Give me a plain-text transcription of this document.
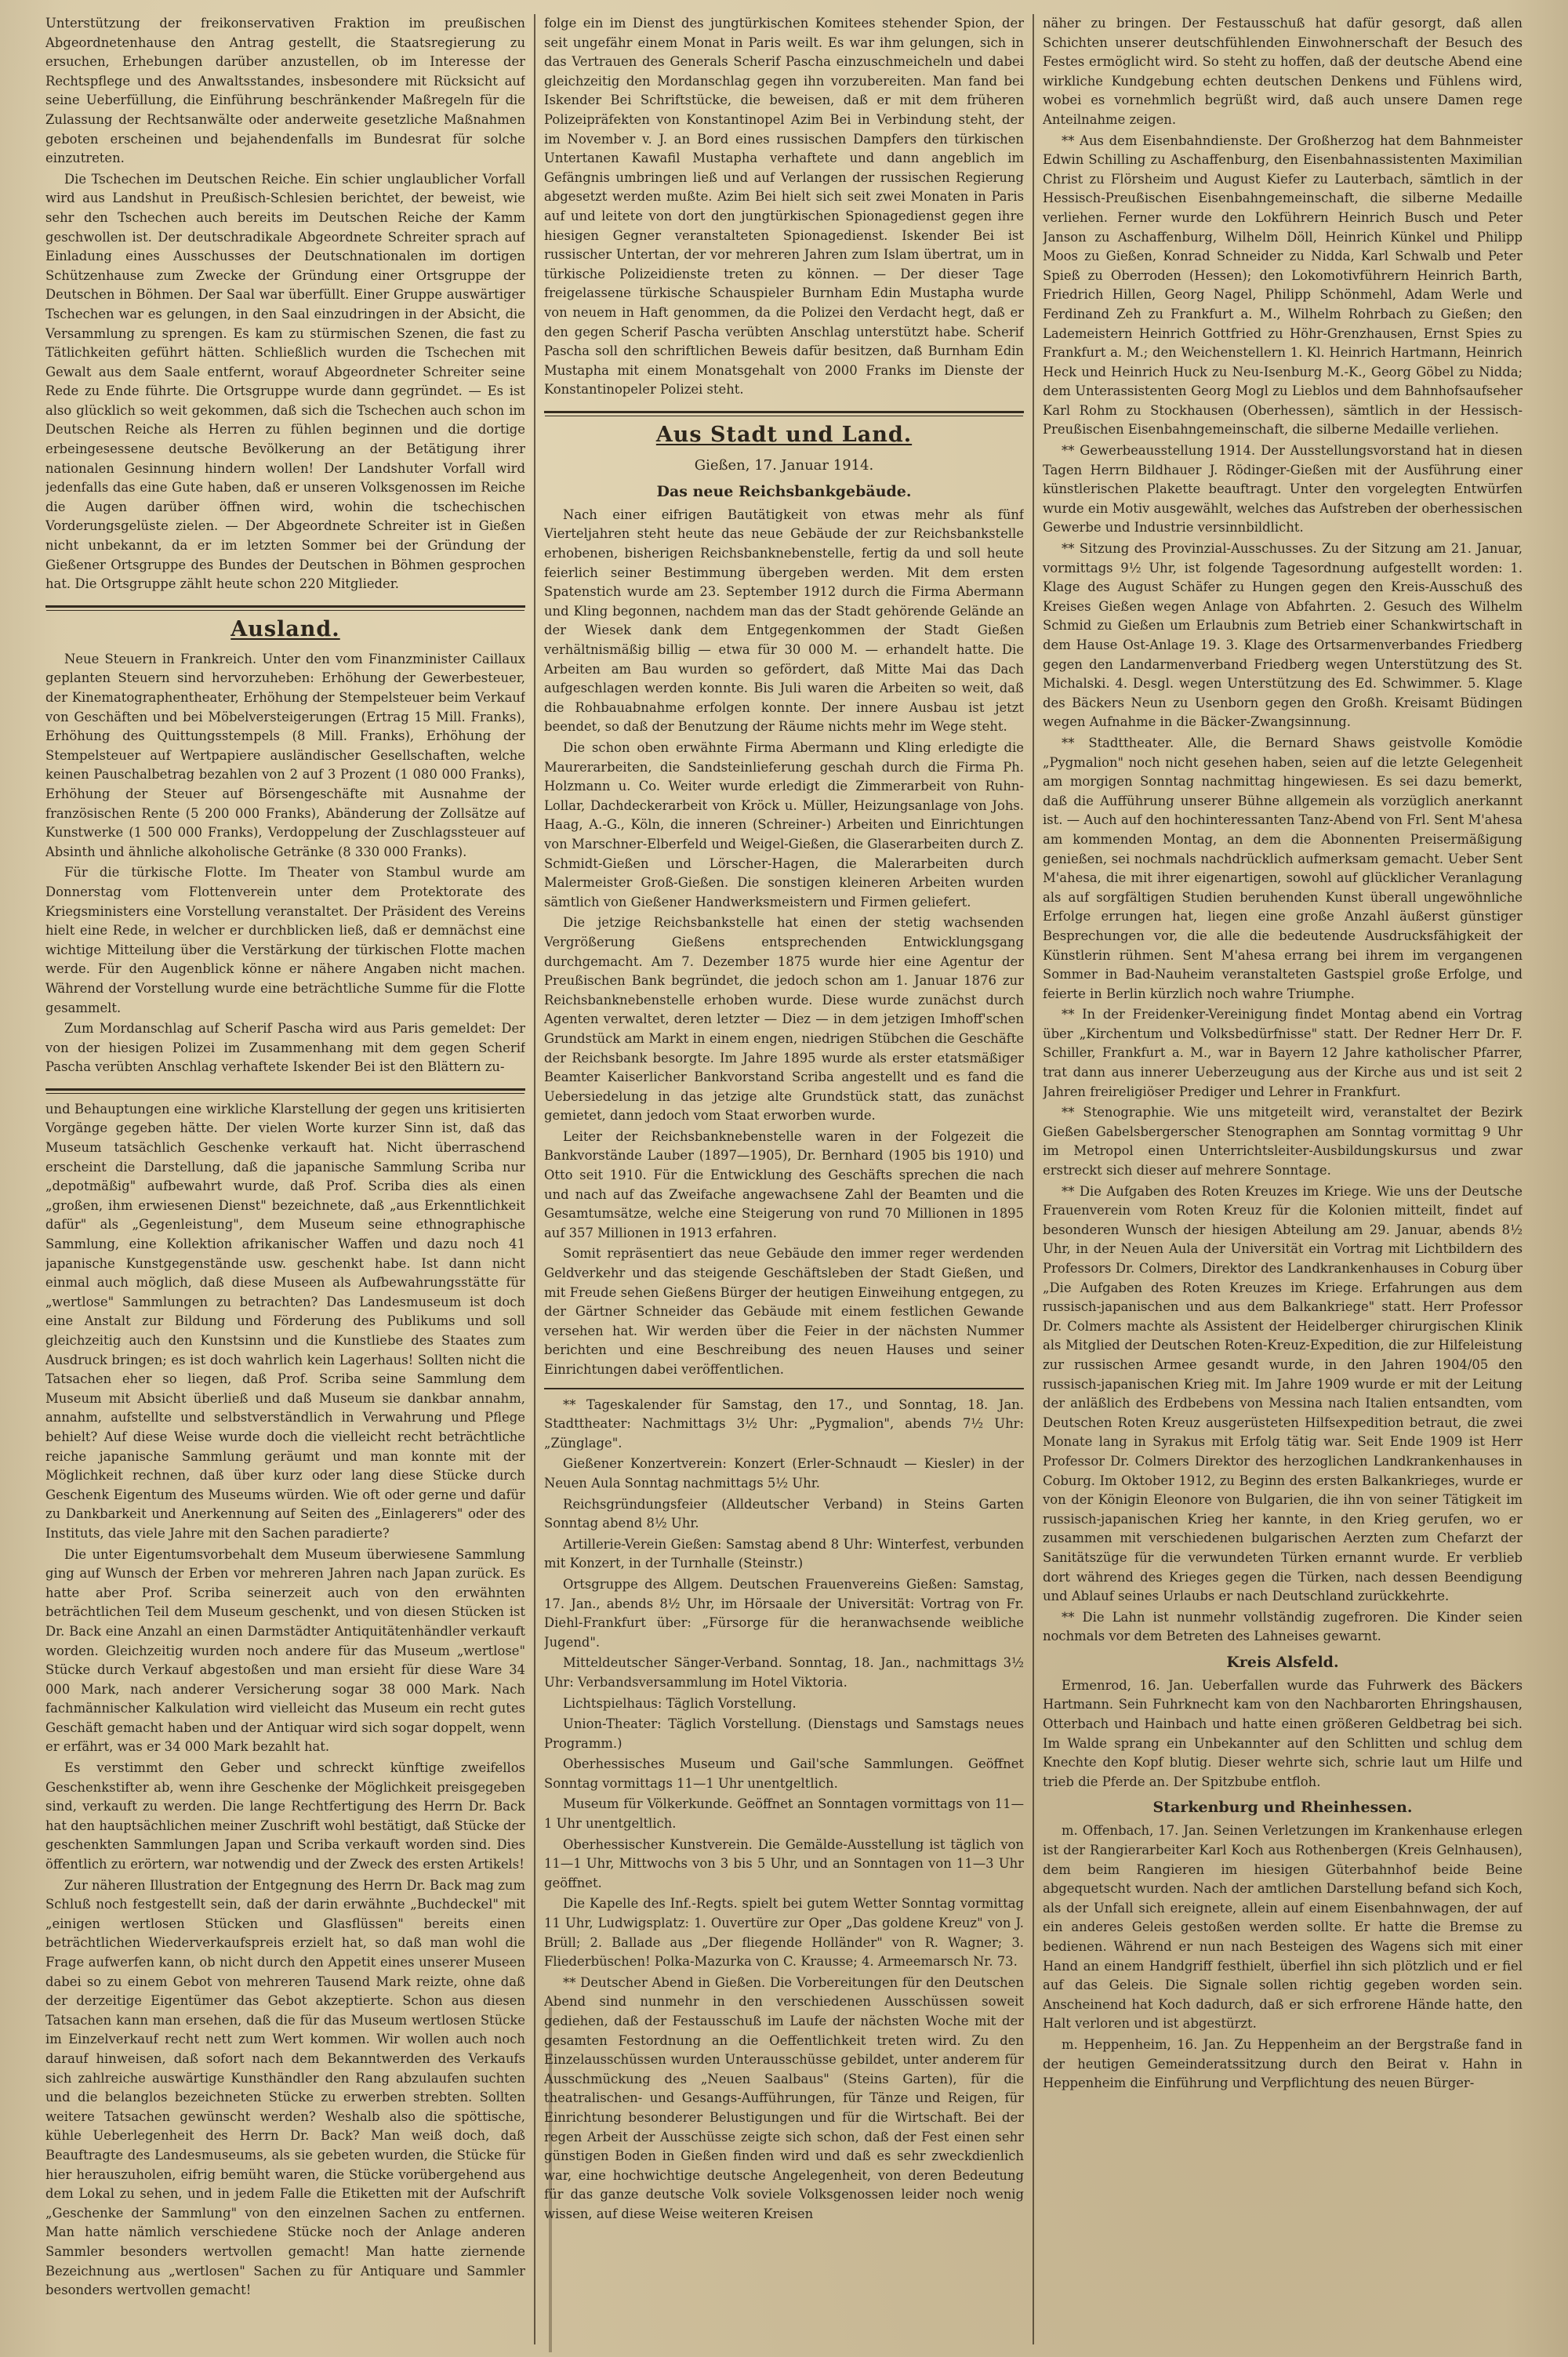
Unterstützung der freikonservativen Fraktion im preußischen Abgeordnetenhause den Antrag gestellt, die Staatsregierung zu ersuchen, Erhebungen darüber anzustellen, ob im Interesse der Rechtspflege und des Anwaltsstandes, insbesondere mit Rücksicht auf seine Ueberfüllung, die Einführung beschränkender Maßregeln für die Zulassung der Rechtsanwälte oder anderweite gesetzliche Maßnahmen geboten erscheinen und bejahendenfalls im Bundesrat für solche einzutreten.

Die Tschechen im Deutschen Reiche. Ein schier unglaublicher Vorfall wird aus Landshut in Preußisch-Schlesien berichtet, der beweist, wie sehr den Tschechen auch bereits im Deutschen Reiche der Kamm geschwollen ist. Der deutschradikale Abgeordnete Schreiter sprach auf Einladung eines Ausschusses der Deutschnationalen im dortigen Schützenhause zum Zwecke der Gründung einer Ortsgruppe der Deutschen in Böhmen. Der Saal war überfüllt. Einer Gruppe auswärtiger Tschechen war es gelungen, in den Saal einzudringen in der Absicht, die Versammlung zu sprengen. Es kam zu stürmischen Szenen, die fast zu Tätlichkeiten geführt hätten. Schließlich wurden die Tschechen mit Gewalt aus dem Saale entfernt, worauf Abgeordneter Schreiter seine Rede zu Ende führte. Die Ortsgruppe wurde dann gegründet. — Es ist also glücklich so weit gekommen, daß sich die Tschechen auch schon im Deutschen Reiche als Herren zu fühlen beginnen und die dortige erbeingesessene deutsche Bevölkerung an der Betätigung ihrer nationalen Gesinnung hindern wollen! Der Landshuter Vorfall wird jedenfalls das eine Gute haben, daß er unseren Volksgenossen im Reiche die Augen darüber öffnen wird, wohin die tschechischen Vorderungsgelüste zielen. — Der Abgeordnete Schreiter ist in Gießen nicht unbekannt, da er im letzten Sommer bei der Gründung der Gießener Ortsgruppe des Bundes der Deutschen in Böhmen gesprochen hat. Die Ortsgruppe zählt heute schon 220 Mitglieder.

Ausland.

Neue Steuern in Frankreich. Unter den vom Finanzminister Caillaux geplanten Steuern sind hervorzuheben: Erhöhung der Gewerbesteuer, der Kinematographentheater, Erhöhung der Stempelsteuer beim Verkauf von Geschäften und bei Möbelversteigerungen (Ertrag 15 Mill. Franks), Erhöhung des Quittungsstempels (8 Mill. Franks), Erhöhung der Stempelsteuer auf Wertpapiere ausländischer Gesellschaften, welche keinen Pauschalbetrag bezahlen von 2 auf 3 Prozent (1 080 000 Franks), Erhöhung der Steuer auf Börsengeschäfte mit Ausnahme der französischen Rente (5 200 000 Franks), Abänderung der Zollsätze auf Kunstwerke (1 500 000 Franks), Verdoppelung der Zuschlagssteuer auf Absinth und ähnliche alkoholische Getränke (8 330 000 Franks).

Für die türkische Flotte. Im Theater von Stambul wurde am Donnerstag vom Flottenverein unter dem Protektorate des Kriegsministers eine Vorstellung veranstaltet. Der Präsident des Vereins hielt eine Rede, in welcher er durchblicken ließ, daß er demnächst eine wichtige Mitteilung über die Verstärkung der türkischen Flotte machen werde. Für den Augenblick könne er nähere Angaben nicht machen. Während der Vorstellung wurde eine beträchtliche Summe für die Flotte gesammelt.

Zum Mordanschlag auf Scherif Pascha wird aus Paris gemeldet: Der von der hiesigen Polizei im Zusammenhang mit dem gegen Scherif Pascha verübten Anschlag verhaftete Iskender Bei ist den Blättern zu-

und Behauptungen eine wirkliche Klarstellung der gegen uns kritisierten Vorgänge gegeben hätte. Der vielen Worte kurzer Sinn ist, daß das Museum tatsächlich Geschenke verkauft hat. Nicht überraschend erscheint die Darstellung, daß die japanische Sammlung Scriba nur „depotmäßig" aufbewahrt wurde, daß Prof. Scriba dies als einen „großen, ihm erwiesenen Dienst" bezeichnete, daß „aus Erkenntlichkeit dafür" als „Gegenleistung", dem Museum seine ethnographische Sammlung, eine Kollektion afrikanischer Waffen und dazu noch 41 japanische Kunstgegenstände usw. geschenkt habe. Ist dann nicht einmal auch möglich, daß diese Museen als Aufbewahrungsstätte für „wertlose" Sammlungen zu betrachten? Das Landesmuseum ist doch eine Anstalt zur Bildung und Förderung des Publikums und soll gleichzeitig auch den Kunstsinn und die Kunstliebe des Staates zum Ausdruck bringen; es ist doch wahrlich kein Lagerhaus! Sollten nicht die Tatsachen eher so liegen, daß Prof. Scriba seine Sammlung dem Museum mit Absicht überließ und daß Museum sie dankbar annahm, annahm, aufstellte und selbstverständlich in Verwahrung und Pflege behielt? Auf diese Weise wurde doch die vielleicht recht beträchtliche reiche japanische Sammlung geräumt und man konnte mit der Möglichkeit rechnen, daß über kurz oder lang diese Stücke durch Geschenk Eigentum des Museums würden. Wie oft oder gerne und dafür zu Dankbarkeit und Anerkennung auf Seiten des „Einlagerers" oder des Instituts, das viele Jahre mit den Sachen paradierte?

Die unter Eigentumsvorbehalt dem Museum überwiesene Sammlung ging auf Wunsch der Erben vor mehreren Jahren nach Japan zurück. Es hatte aber Prof. Scriba seinerzeit auch von den erwähnten beträchtlichen Teil dem Museum geschenkt, und von diesen Stücken ist Dr. Back eine Anzahl an einen Darmstädter Antiquitätenhändler verkauft worden. Gleichzeitig wurden noch andere für das Museum „wertlose" Stücke durch Verkauf abgestoßen und man ersieht für diese Ware 34 000 Mark, nach anderer Versicherung sogar 38 000 Mark. Nach fachmännischer Kalkulation wird vielleicht das Museum ein recht gutes Geschäft gemacht haben und der Antiquar wird sich sogar doppelt, wenn er erfährt, was er 34 000 Mark bezahlt hat.

Es verstimmt den Geber und schreckt künftige zweifellos Geschenkstifter ab, wenn ihre Geschenke der Möglichkeit preisgegeben sind, verkauft zu werden. Die lange Rechtfertigung des Herrn Dr. Back hat den hauptsächlichen meiner Zuschrift wohl bestätigt, daß Stücke der geschenkten Sammlungen Japan und Scriba verkauft worden sind. Dies öffentlich zu erörtern, war notwendig und der Zweck des ersten Artikels!

Zur näheren Illustration der Entgegnung des Herrn Dr. Back mag zum Schluß noch festgestellt sein, daß der darin erwähnte „Buchdeckel" mit „einigen wertlosen Stücken und Glasflüssen" bereits einen beträchtlichen Wiederverkaufspreis erzielt hat, so daß man wohl die Frage aufwerfen kann, ob nicht durch den Appetit eines unserer Museen dabei so zu einem Gebot von mehreren Tausend Mark reizte, ohne daß der derzeitige Eigentümer das Gebot akzeptierte. Schon aus diesen Tatsachen kann man ersehen, daß die für das Museum wertlosen Stücke im Einzelverkauf recht nett zum Wert kommen. Wir wollen auch noch darauf hinweisen, daß sofort nach dem Bekanntwerden des Verkaufs sich zahlreiche auswärtige Kunsthändler den Rang abzulaufen suchten und die belanglos bezeichneten Stücke zu erwerben strebten. Sollten weitere Tatsachen gewünscht werden? Weshalb also die spöttische, kühle Ueberlegenheit des Herrn Dr. Back? Man weiß doch, daß Beauftragte des Landesmuseums, als sie gebeten wurden, die Stücke für hier herauszuholen, eifrig bemüht waren, die Stücke vorübergehend aus dem Lokal zu sehen, und in jedem Falle die Etiketten mit der Aufschrift „Geschenke der Sammlung" von den einzelnen Sachen zu entfernen. Man hatte nämlich verschiedene Stücke noch der Anlage anderen Sammler besonders wertvollen gemacht! Man hatte ziernende Bezeichnung aus „wertlosen" Sachen zu für Antiquare und Sammler besonders wertvollen gemacht!

folge ein im Dienst des jungtürkischen Komitees stehender Spion, der seit ungefähr einem Monat in Paris weilt. Es war ihm gelungen, sich in das Vertrauen des Generals Scherif Pascha einzuschmeicheln und dabei gleichzeitig den Mordanschlag gegen ihn vorzubereiten. Man fand bei Iskender Bei Schriftstücke, die beweisen, daß er mit dem früheren Polizeipräfekten von Konstantinopel Azim Bei in Verbindung steht, der im November v. J. an Bord eines russischen Dampfers den türkischen Untertanen Kawafil Mustapha verhaftete und dann angeblich im Gefängnis umbringen ließ und auf Verlangen der russischen Regierung abgesetzt werden mußte. Azim Bei hielt sich seit zwei Monaten in Paris auf und leitete von dort den jungtürkischen Spionagedienst gegen ihre hiesigen Gegner veranstalteten Spionagedienst. Iskender Bei ist russischer Untertan, der vor mehreren Jahren zum Islam übertrat, um in türkische Polizeidienste treten zu können. — Der dieser Tage freigelassene türkische Schauspieler Burnham Edin Mustapha wurde von neuem in Haft genommen, da die Polizei den Verdacht hegt, daß er den gegen Scherif Pascha verübten Anschlag unterstützt habe. Scherif Pascha soll den schriftlichen Beweis dafür besitzen, daß Burnham Edin Mustapha mit einem Monatsgehalt von 2000 Franks im Dienste der Konstantinopeler Polizei steht.

Aus Stadt und Land.
Gießen, 17. Januar 1914.
Das neue Reichsbankgebäude.

Nach einer eifrigen Bautätigkeit von etwas mehr als fünf Vierteljahren steht heute das neue Gebäude der zur Reichsbankstelle erhobenen, bisherigen Reichsbanknebenstelle, fertig da und soll heute feierlich seiner Bestimmung übergeben werden. Mit dem ersten Spatenstich wurde am 23. September 1912 durch die Firma Abermann und Kling begonnen, nachdem man das der Stadt gehörende Gelände an der Wiesek dank dem Entgegenkommen der Stadt Gießen verhältnismäßig billig — etwa für 30 000 M. — erhandelt hatte. Die Arbeiten am Bau wurden so gefördert, daß Mitte Mai das Dach aufgeschlagen werden konnte. Bis Juli waren die Arbeiten so weit, daß die Rohbauabnahme erfolgen konnte. Der innere Ausbau ist jetzt beendet, so daß der Benutzung der Räume nichts mehr im Wege steht.

Die schon oben erwähnte Firma Abermann und Kling erledigte die Maurerarbeiten, die Sandsteinlieferung geschah durch die Firma Ph. Holzmann u. Co. Weiter wurde erledigt die Zimmerarbeit von Ruhn-Lollar, Dachdeckerarbeit von Kröck u. Müller, Heizungsanlage von Johs. Haag, A.-G., Köln, die inneren (Schreiner-) Arbeiten und Einrichtungen von Marschner-Elberfeld und Weigel-Gießen, die Glaserarbeiten durch Z. Schmidt-Gießen und Lörscher-Hagen, die Malerarbeiten durch Malermeister Groß-Gießen. Die sonstigen kleineren Arbeiten wurden sämtlich von Gießener Handwerksmeistern und Firmen geliefert.

Die jetzige Reichsbankstelle hat einen der stetig wachsenden Vergrößerung Gießens entsprechenden Entwicklungsgang durchgemacht. Am 7. Dezember 1875 wurde hier eine Agentur der Preußischen Bank begründet, die jedoch schon am 1. Januar 1876 zur Reichsbanknebenstelle erhoben wurde. Diese wurde zunächst durch Agenten verwaltet, deren letzter — Diez — in dem jetzigen Imhoff'schen Grundstück am Markt in einem engen, niedrigen Stübchen die Geschäfte der Reichsbank besorgte. Im Jahre 1895 wurde als erster etatsmäßiger Beamter Kaiserlicher Bankvorstand Scriba angestellt und es fand die Uebersiedelung in das jetzige alte Grundstück statt, das zunächst gemietet, dann jedoch vom Staat erworben wurde.

Leiter der Reichsbanknebenstelle waren in der Folgezeit die Bankvorstände Lauber (1897—1905), Dr. Bernhard (1905 bis 1910) und Otto seit 1910. Für die Entwicklung des Geschäfts sprechen die nach und nach auf das Zweifache angewachsene Zahl der Beamten und die Gesamtumsätze, welche eine Steigerung von rund 70 Millionen in 1895 auf 357 Millionen in 1913 erfahren.

Somit repräsentiert das neue Gebäude den immer reger werdenden Geldverkehr und das steigende Geschäftsleben der Stadt Gießen, und mit Freude sehen Gießens Bürger der heutigen Einweihung entgegen, zu der Gärtner Schneider das Gebäude mit einem festlichen Gewande versehen hat. Wir werden über die Feier in der nächsten Nummer berichten und eine Beschreibung des neuen Hauses und seiner Einrichtungen dabei veröffentlichen.

** Tageskalender für Samstag, den 17., und Sonntag, 18. Jan. Stadttheater: Nachmittags 3½ Uhr: „Pygmalion", abends 7½ Uhr: „Zünglage".

Gießener Konzertverein: Konzert (Erler-Schnaudt — Kiesler) in der Neuen Aula Sonntag nachmittags 5½ Uhr.

Reichsgründungsfeier (Alldeutscher Verband) in Steins Garten Sonntag abend 8½ Uhr.

Artillerie-Verein Gießen: Samstag abend 8 Uhr: Winterfest, verbunden mit Konzert, in der Turnhalle (Steinstr.)

Ortsgruppe des Allgem. Deutschen Frauenvereins Gießen: Samstag, 17. Jan., abends 8½ Uhr, im Hörsaale der Universität: Vortrag von Fr. Diehl-Frankfurt über: „Fürsorge für die heranwachsende weibliche Jugend".

Mitteldeutscher Sänger-Verband. Sonntag, 18. Jan., nachmittags 3½ Uhr: Verbandsversammlung im Hotel Viktoria.

Lichtspielhaus: Täglich Vorstellung.

Union-Theater: Täglich Vorstellung. (Dienstags und Samstags neues Programm.)

Oberhessisches Museum und Gail'sche Sammlungen. Geöffnet Sonntag vormittags 11—1 Uhr unentgeltlich.

Museum für Völkerkunde. Geöffnet an Sonntagen vormittags von 11—1 Uhr unentgeltlich.

Oberhessischer Kunstverein. Die Gemälde-Ausstellung ist täglich von 11—1 Uhr, Mittwochs von 3 bis 5 Uhr, und an Sonntagen von 11—3 Uhr geöffnet.

Die Kapelle des Inf.-Regts. spielt bei gutem Wetter Sonntag vormittag 11 Uhr, Ludwigsplatz: 1. Ouvertüre zur Oper „Das goldene Kreuz" von J. Brüll; 2. Ballade aus „Der fliegende Holländer" von R. Wagner; 3. Fliederbüschen! Polka-Mazurka von C. Krausse; 4. Armeemarsch Nr. 73.

** Deutscher Abend in Gießen. Die Vorbereitungen für den Deutschen Abend sind nunmehr in den verschiedenen Ausschüssen soweit gediehen, daß der Festausschuß im Laufe der nächsten Woche mit der gesamten Festordnung an die Oeffentlichkeit treten wird. Zu den Einzelausschüssen wurden Unterausschüsse gebildet, unter anderem für Ausschmückung des „Neuen Saalbaus" (Steins Garten), für die theatralischen- und Gesangs-Aufführungen, für Tänze und Reigen, für Einrichtung besonderer Belustigungen und für die Wirtschaft. Bei der regen Arbeit der Ausschüsse zeigte sich schon, daß der Fest einen sehr günstigen Boden in Gießen finden wird und daß es sehr zweckdienlich war, eine hochwichtige deutsche Angelegenheit, von deren Bedeutung für das ganze deutsche Volk soviele Volksgenossen leider noch wenig wissen, auf diese Weise weiteren Kreisen

näher zu bringen. Der Festausschuß hat dafür gesorgt, daß allen Schichten unserer deutschfühlenden Einwohnerschaft der Besuch des Festes ermöglicht wird. So steht zu hoffen, daß der deutsche Abend eine wirkliche Kundgebung echten deutschen Denkens und Fühlens wird, wobei es vornehmlich begrüßt wird, daß auch unsere Damen rege Anteilnahme zeigen.

** Aus dem Eisenbahndienste. Der Großherzog hat dem Bahnmeister Edwin Schilling zu Aschaffenburg, den Eisenbahnassistenten Maximilian Christ zu Flörsheim und August Kiefer zu Lauterbach, sämtlich in der Hessisch-Preußischen Eisenbahngemeinschaft, die silberne Medaille verliehen. Ferner wurde den Lokführern Heinrich Busch und Peter Janson zu Aschaffenburg, Wilhelm Döll, Heinrich Künkel und Philipp Moos zu Gießen, Konrad Schneider zu Nidda, Karl Schwalb und Peter Spieß zu Oberroden (Hessen); den Lokomotivführern Heinrich Barth, Friedrich Hillen, Georg Nagel, Philipp Schönmehl, Adam Werle und Ferdinand Zeh zu Frankfurt a. M., Wilhelm Rohrbach zu Gießen; den Lademeistern Heinrich Gottfried zu Höhr-Grenzhausen, Ernst Spies zu Frankfurt a. M.; den Weichenstellern 1. Kl. Heinrich Hartmann, Heinrich Heck und Heinrich Huck zu Neu-Isenburg M.-K., Georg Göbel zu Nidda; dem Unterassistenten Georg Mogl zu Lieblos und dem Bahnhofsaufseher Karl Rohm zu Stockhausen (Oberhessen), sämtlich in der Hessisch-Preußischen Eisenbahngemeinschaft, die silberne Medaille verliehen.

** Gewerbeausstellung 1914. Der Ausstellungsvorstand hat in diesen Tagen Herrn Bildhauer J. Rödinger-Gießen mit der Ausführung einer künstlerischen Plakette beauftragt. Unter den vorgelegten Entwürfen wurde ein Motiv ausgewählt, welches das Aufstreben der oberhessischen Gewerbe und Industrie versinnbildlicht.

** Sitzung des Provinzial-Ausschusses. Zu der Sitzung am 21. Januar, vormittags 9½ Uhr, ist folgende Tagesordnung aufgestellt worden: 1. Klage des August Schäfer zu Hungen gegen den Kreis-Ausschuß des Kreises Gießen wegen Anlage von Abfahrten. 2. Gesuch des Wilhelm Schmid zu Gießen um Erlaubnis zum Betrieb einer Schankwirtschaft in dem Hause Ost-Anlage 19. 3. Klage des Ortsarmenverbandes Friedberg gegen den Landarmenverband Friedberg wegen Unterstützung des St. Michalski. 4. Desgl. wegen Unterstützung des Ed. Schwimmer. 5. Klage des Bäckers Neun zu Usenborn gegen den Großh. Kreisamt Büdingen wegen Aufnahme in die Bäcker-Zwangsinnung.

** Stadttheater. Alle, die Bernard Shaws geistvolle Komödie „Pygmalion" noch nicht gesehen haben, seien auf die letzte Gelegenheit am morgigen Sonntag nachmittag hingewiesen. Es sei dazu bemerkt, daß die Aufführung unserer Bühne allgemein als vorzüglich anerkannt ist. — Auch auf den hochinteressanten Tanz-Abend von Frl. Sent M'ahesa am kommenden Montag, an dem die Abonnenten Preisermäßigung genießen, sei nochmals nachdrücklich aufmerksam gemacht. Ueber Sent M'ahesa, die mit ihrer eigenartigen, sowohl auf glücklicher Veranlagung als auf sorgfältigen Studien beruhenden Kunst überall ungewöhnliche Erfolge errungen hat, liegen eine große Anzahl äußerst günstiger Besprechungen vor, die alle die bedeutende Ausdrucksfähigkeit der Künstlerin rühmen. Sent M'ahesa errang bei ihrem im vergangenen Sommer in Bad-Nauheim veranstalteten Gastspiel große Erfolge, und feierte in Berlin kürzlich noch wahre Triumphe.

** In der Freidenker-Vereinigung findet Montag abend ein Vortrag über „Kirchentum und Volksbedürfnisse" statt. Der Redner Herr Dr. F. Schiller, Frankfurt a. M., war in Bayern 12 Jahre katholischer Pfarrer, trat dann aus innerer Ueberzeugung aus der Kirche aus und ist seit 2 Jahren freireligiöser Prediger und Lehrer in Frankfurt.

** Stenographie. Wie uns mitgeteilt wird, veranstaltet der Bezirk Gießen Gabelsbergerscher Stenographen am Sonntag vormittag 9 Uhr im Metropol einen Unterrichtsleiter-Ausbildungskursus und zwar erstreckt sich dieser auf mehrere Sonntage.

** Die Aufgaben des Roten Kreuzes im Kriege. Wie uns der Deutsche Frauenverein vom Roten Kreuz für die Kolonien mitteilt, findet auf besonderen Wunsch der hiesigen Abteilung am 29. Januar, abends 8½ Uhr, in der Neuen Aula der Universität ein Vortrag mit Lichtbildern des Professors Dr. Colmers, Direktor des Landkrankenhauses in Coburg über „Die Aufgaben des Roten Kreuzes im Kriege. Erfahrungen aus dem russisch-japanischen und aus dem Balkankriege" statt. Herr Professor Dr. Colmers machte als Assistent der Heidelberger chirurgischen Klinik als Mitglied der Deutschen Roten-Kreuz-Expedition, die zur Hilfeleistung zur russischen Armee gesandt wurde, in den Jahren 1904/05 den russisch-japanischen Krieg mit. Im Jahre 1909 wurde er mit der Leitung der anläßlich des Erdbebens von Messina nach Italien entsandten, vom Deutschen Roten Kreuz ausgerüsteten Hilfsexpedition betraut, die zwei Monate lang in Syrakus mit Erfolg tätig war. Seit Ende 1909 ist Herr Professor Dr. Colmers Direktor des herzoglichen Landkrankenhauses in Coburg. Im Oktober 1912, zu Beginn des ersten Balkankrieges, wurde er von der Königin Eleonore von Bulgarien, die ihn von seiner Tätigkeit im russisch-japanischen Krieg her kannte, in den Krieg gerufen, wo er zusammen mit verschiedenen bulgarischen Aerzten zum Chefarzt der Sanitätszüge für die verwundeten Türken ernannt wurde. Er verblieb dort während des Krieges gegen die Türken, nach dessen Beendigung und Ablauf seines Urlaubs er nach Deutschland zurückkehrte.

** Die Lahn ist nunmehr vollständig zugefroren. Die Kinder seien nochmals vor dem Betreten des Lahneises gewarnt.

Kreis Alsfeld.

Ermenrod, 16. Jan. Ueberfallen wurde das Fuhrwerk des Bäckers Hartmann. Sein Fuhrknecht kam von den Nachbarorten Ehringshausen, Otterbach und Hainbach und hatte einen größeren Geldbetrag bei sich. Im Walde sprang ein Unbekannter auf den Schlitten und schlug dem Knechte den Kopf blutig. Dieser wehrte sich, schrie laut um Hilfe und trieb die Pferde an. Der Spitzbube entfloh.

Starkenburg und Rheinhessen.

m. Offenbach, 17. Jan. Seinen Verletzungen im Krankenhause erlegen ist der Rangierarbeiter Karl Koch aus Rothenbergen (Kreis Gelnhausen), dem beim Rangieren im hiesigen Güterbahnhof beide Beine abgequetscht wurden. Nach der amtlichen Darstellung befand sich Koch, als der Unfall sich ereignete, allein auf einem Eisenbahnwagen, der auf ein anderes Geleis gestoßen werden sollte. Er hatte die Bremse zu bedienen. Während er nun nach Besteigen des Wagens sich mit einer Hand an einem Handgriff festhielt, überfiel ihn sich plötzlich und er fiel auf das Geleis. Die Signale sollen richtig gegeben worden sein. Anscheinend hat Koch dadurch, daß er sich erfrorene Hände hatte, den Halt verloren und ist abgestürzt.

m. Heppenheim, 16. Jan. Zu Heppenheim an der Bergstraße fand in der heutigen Gemeinderatssitzung durch den Beirat v. Hahn in Heppenheim die Einführung und Verpflichtung des neuen Bürger-
